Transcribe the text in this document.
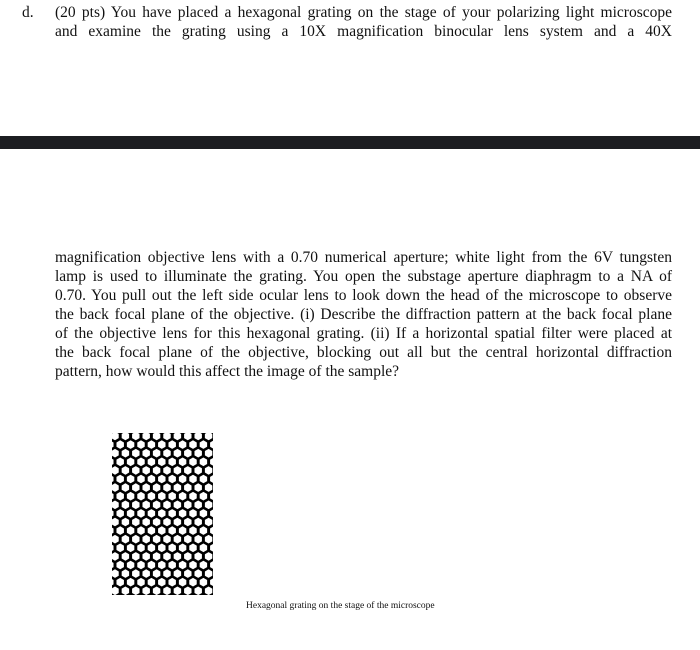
d. (20 pts) You have placed a hexagonal grating on the stage of your polarizing light microscope
and examine the grating using a 10X magnification binocular lens system and a 40X
magnification objective lens with a 0.70 numerical aperture; white light from the 6V tungsten
lamp is used to illuminate the grating. You open the substage aperture diaphragm to a NA of
0.70. You pull out the left side ocular lens to look down the head of the microscope to observe
the back focal plane of the objective. (i) Describe the diffraction pattern at the back focal plane
of the objective lens for this hexagonal grating. (ii) If a horizontal spatial filter were placed at
the back focal plane of the objective, blocking out all but the central horizontal diffraction
pattern, how would this affect the image of the sample?
Hexagonal grating on the stage of the microscope
